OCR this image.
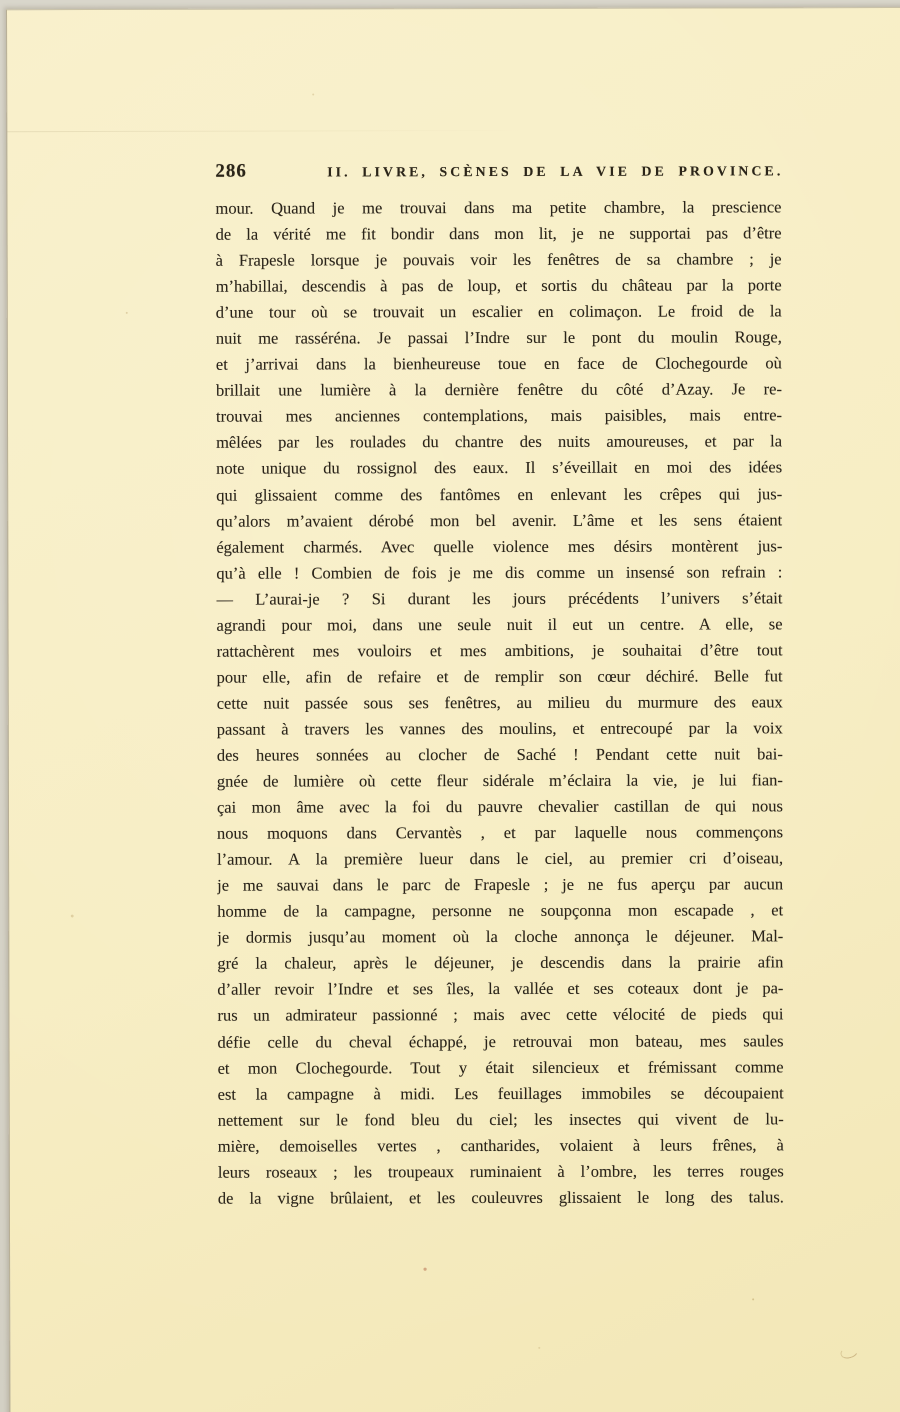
286	II. LIVRE, SCÈNES DE LA VIE DE PROVINCE.
mour. Quand je me trouvai dans ma petite chambre, la prescience
de la vérité me fit bondir dans mon lit, je ne supportai pas d’être
à Frapesle lorsque je pouvais voir les fenêtres de sa chambre ; je
m’habillai, descendis à pas de loup, et sortis du château par la porte
d’une tour où se trouvait un escalier en colimaçon. Le froid de la
nuit me rasséréna. Je passai l’Indre sur le pont du moulin Rouge,
et j’arrivai dans la bienheureuse toue en face de Clochegourde où
brillait une lumière à la dernière fenêtre du côté d’Azay. Je re-
trouvai mes anciennes contemplations, mais paisibles, mais entre-
mêlées par les roulades du chantre des nuits amoureuses, et par la
note unique du rossignol des eaux. Il s’éveillait en moi des idées
qui glissaient comme des fantômes en enlevant les crêpes qui jus-
qu’alors m’avaient dérobé mon bel avenir. L’âme et les sens étaient
également charmés. Avec quelle violence mes désirs montèrent jus-
qu’à elle ! Combien de fois je me dis comme un insensé son refrain :
— L’aurai-je ? Si durant les jours précédents l’univers s’était
agrandi pour moi, dans une seule nuit il eut un centre. A elle, se
rattachèrent mes vouloirs et mes ambitions, je souhaitai d’être tout
pour elle, afin de refaire et de remplir son cœur déchiré. Belle fut
cette nuit passée sous ses fenêtres, au milieu du murmure des eaux
passant à travers les vannes des moulins, et entrecoupé par la voix
des heures sonnées au clocher de Saché ! Pendant cette nuit bai-
gnée de lumière où cette fleur sidérale m’éclaira la vie, je lui fian-
çai mon âme avec la foi du pauvre chevalier castillan de qui nous
nous moquons dans Cervantès , et par laquelle nous commençons
l’amour. A la première lueur dans le ciel, au premier cri d’oiseau,
je me sauvai dans le parc de Frapesle ; je ne fus aperçu par aucun
homme de la campagne, personne ne soupçonna mon escapade , et
je dormis jusqu’au moment où la cloche annonça le déjeuner. Mal-
gré la chaleur, après le déjeuner, je descendis dans la prairie afin
d’aller revoir l’Indre et ses îles, la vallée et ses coteaux dont je pa-
rus un admirateur passionné ; mais avec cette vélocité de pieds qui
défie celle du cheval échappé, je retrouvai mon bateau, mes saules
et mon Clochegourde. Tout y était silencieux et frémissant comme
est la campagne à midi. Les feuillages immobiles se découpaient
nettement sur le fond bleu du ciel; les insectes qui vivent de lu-
mière, demoiselles vertes , cantharides, volaient à leurs frênes, à
leurs roseaux ; les troupeaux ruminaient à l’ombre, les terres rouges
de la vigne brûlaient, et les couleuvres glissaient le long des talus.
